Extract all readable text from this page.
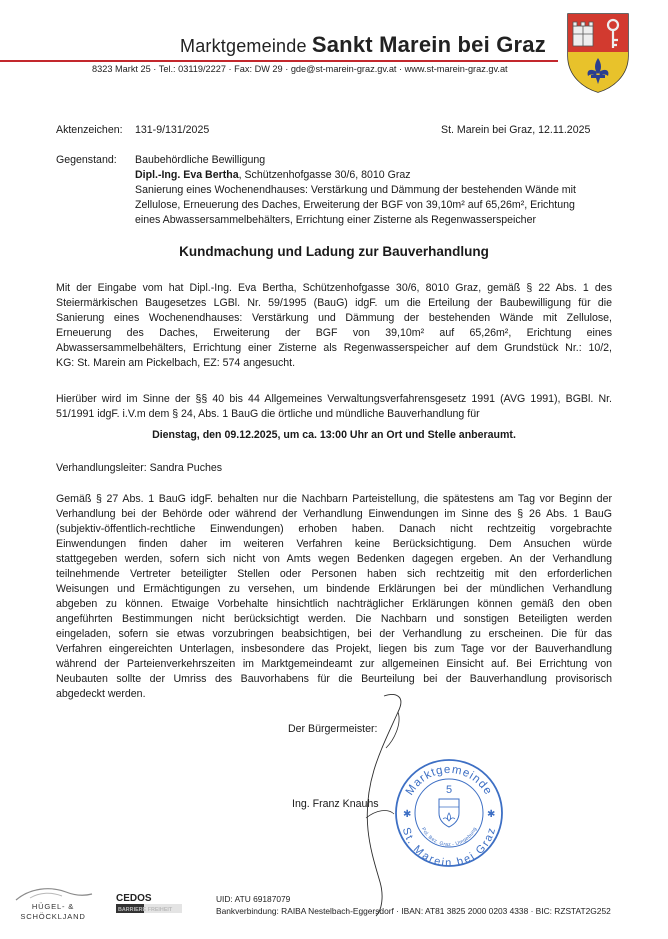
Marktgemeinde Sankt Marein bei Graz
8323 Markt 25 · Tel.: 03119/2227 · Fax: DW 29 · gde@st-marein-graz.gv.at · www.st-marein-graz.gv.at
Aktenzeichen: 131-9/131/2025	St. Marein bei Graz, 12.11.2025
Gegenstand: Baubehördliche Bewilligung
Dipl.-Ing. Eva Bertha, Schützenhofgasse 30/6, 8010 Graz
Sanierung eines Wochenendhauses: Verstärkung und Dämmung der bestehenden Wände mit
Zellulose, Erneuerung des Daches, Erweiterung der BGF von 39,10m² auf 65,26m², Erichtung
eines Abwassersammelbehälters, Errichtung einer Zisterne als Regenwasserspeicher
Kundmachung und Ladung zur Bauverhandlung
Mit der Eingabe vom hat Dipl.-Ing. Eva Bertha, Schützenhofgasse 30/6, 8010 Graz, gemäß § 22 Abs. 1 des
Steiermärkischen Baugesetzes LGBl. Nr. 59/1995 (BauG) idgF. um die Erteilung der Baubewilligung für die
Sanierung eines Wochenendhauses: Verstärkung und Dämmung der bestehenden Wände mit Zellulose,
Erneuerung des Daches, Erweiterung der BGF von 39,10m² auf 65,26m², Erichtung eines
Abwassersammelbehälters, Errichtung einer Zisterne als Regenwasserspeicher auf dem Grundstück Nr.: 10/2,
KG: St. Marein am Pickelbach, EZ: 574 angesucht.
Hierüber wird im Sinne der §§ 40 bis 44 Allgemeines Verwaltungsverfahrensgesetz 1991 (AVG 1991), BGBl. Nr.
51/1991 idgF. i.V.m dem § 24, Abs. 1 BauG die örtliche und mündliche Bauverhandlung für
Dienstag, den 09.12.2025, um ca. 13:00 Uhr an Ort und Stelle anberaumt.
Verhandlungsleiter: Sandra Puches
Gemäß § 27 Abs. 1 BauG idgF. behalten nur die Nachbarn Parteistellung, die spätestens am Tag vor Beginn der
Verhandlung bei der Behörde oder während der Verhandlung Einwendungen im Sinne des § 26 Abs. 1 BauG
(subjektiv-öffentlich-rechtliche Einwendungen) erhoben haben. Danach nicht rechtzeitig vorgebrachte
Einwendungen finden daher im weiteren Verfahren keine Berücksichtigung. Dem Ansuchen würde
stattgegeben werden, sofern sich nicht von Amts wegen Bedenken dagegen ergeben. An der Verhandlung
teilnehmende Vertreter beteiligter Stellen oder Personen haben sich rechtzeitig mit den erforderlichen
Weisungen und Ermächtigungen zu versehen, um bindende Erklärungen bei der mündlichen Verhandlung
abgeben zu können. Etwaige Vorbehalte hinsichtlich nachträglicher Erklärungen können gemäß den oben
angeführten Bestimmungen nicht berücksichtigt werden. Die Nachbarn und sonstigen Beteiligten werden
eingeladen, sofern sie etwas vorzubringen beabsichtigen, bei der Verhandlung zu erscheinen. Die für das
Verfahren eingereichten Unterlagen, insbesondere das Projekt, liegen bis zum Tage vor der Bauverhandlung
während der Parteienverkehrszeiten im Marktgemeindeamt zur allgemeinen Einsicht auf. Bei Errichtung von
Neubauten sollte der Umriss des Bauvorhabens für die Beurteilung bei der Bauverhandlung provisorisch
abgedeckt werden.
Der Bürgermeister:
Ing. Franz Knauhs
Marktgemeinde
St. Marein bei Graz
Pol. Bez. Graz - Umgebung
5
✱	✱
HÜGEL- &
SCHÖCKLJAND
CEDOS
BARRIERE FREIHEIT
UID: ATU 69187079
Bankverbindung: RAIBA Nestelbach-Eggersdorf · IBAN: AT81 3825 2000 0203 4338 · BIC: RZSTAT2G252
